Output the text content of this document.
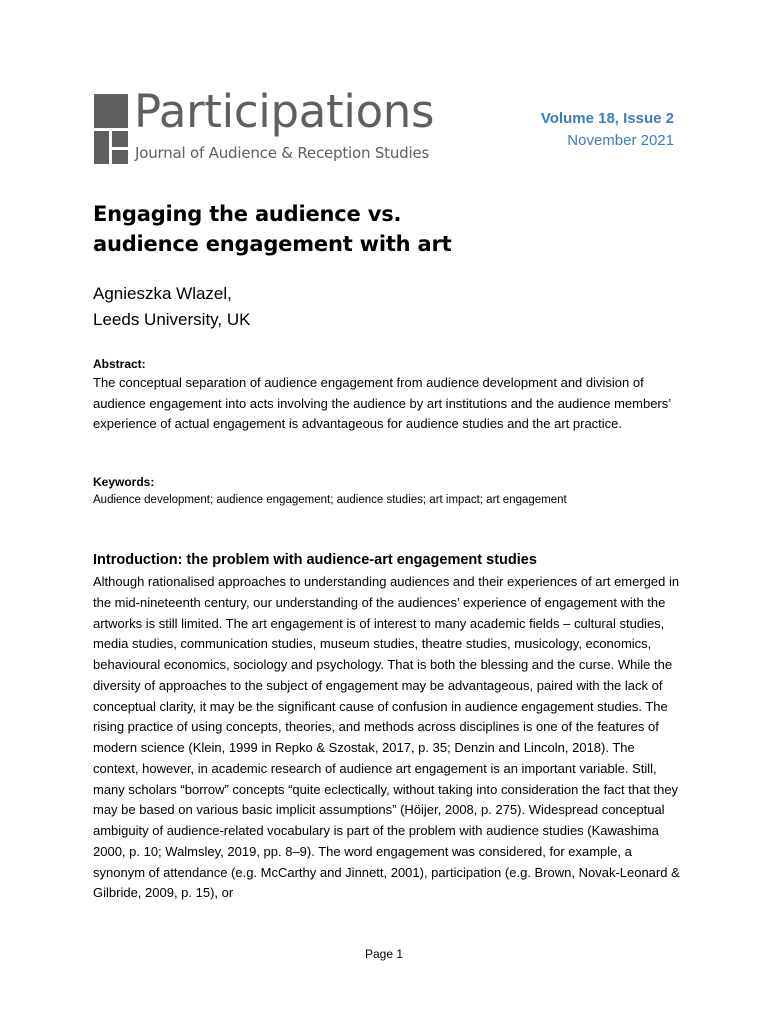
Participations
Journal of Audience & Reception Studies
Volume 18, Issue 2
November 2021
Engaging the audience vs.
audience engagement with art
Agnieszka Wlazel,
Leeds University, UK
Abstract:
The conceptual separation of audience engagement from audience development and division of audience engagement into acts involving the audience by art institutions and the audience members’ experience of actual engagement is advantageous for audience studies and the art practice.
Keywords:
Audience development; audience engagement; audience studies; art impact; art engagement
Introduction: the problem with audience-art engagement studies

Although rationalised approaches to understanding audiences and their experiences of art emerged in the mid-nineteenth century, our understanding of the audiences’ experience of engagement with the artworks is still limited. The art engagement is of interest to many academic fields – cultural studies, media studies, communication studies, museum studies, theatre studies, musicology, economics, behavioural economics, sociology and psychology. That is both the blessing and the curse. While the diversity of approaches to the subject of engagement may be advantageous, paired with the lack of conceptual clarity, it may be the significant cause of confusion in audience engagement studies. The rising practice of using concepts, theories, and methods across disciplines is one of the features of modern science (Klein, 1999 in Repko & Szostak, 2017, p. 35; Denzin and Lincoln, 2018). The context, however, in academic research of audience art engagement is an important variable. Still, many scholars “borrow” concepts “quite eclectically, without taking into consideration the fact that they may be based on various basic implicit assumptions” (Höijer, 2008, p. 275). Widespread conceptual ambiguity of audience-related vocabulary is part of the problem with audience studies (Kawashima 2000, p. 10; Walmsley, 2019, pp. 8–9). The word engagement was considered, for example, a synonym of attendance (e.g. McCarthy and Jinnett, 2001), participation (e.g. Brown, Novak-Leonard & Gilbride, 2009, p. 15), or

Page 1
